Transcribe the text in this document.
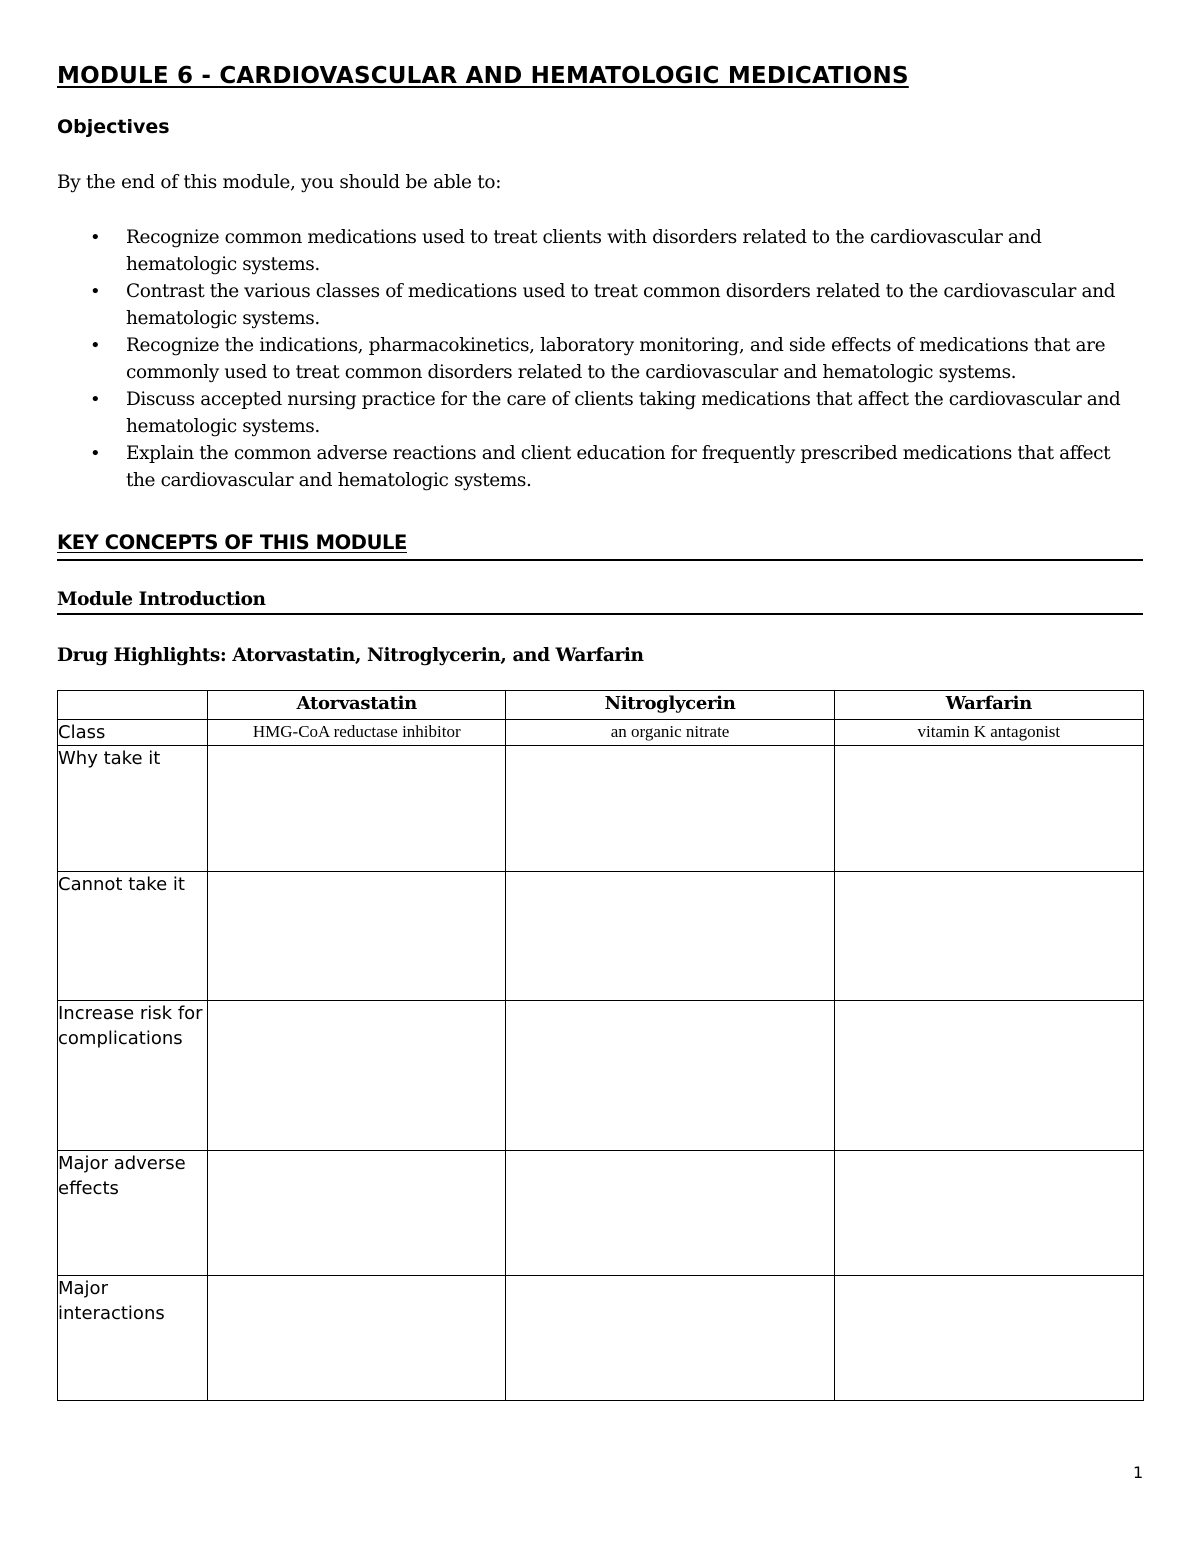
MODULE 6 - CARDIOVASCULAR AND HEMATOLOGIC MEDICATIONS
Objectives

By the end of this module, you should be able to:

• Recognize common medications used to treat clients with disorders related to the cardiovascular and hematologic systems.
• Contrast the various classes of medications used to treat common disorders related to the cardiovascular and hematologic systems.
• Recognize the indications, pharmacokinetics, laboratory monitoring, and side effects of medications that are commonly used to treat common disorders related to the cardiovascular and hematologic systems.
• Discuss accepted nursing practice for the care of clients taking medications that affect the cardiovascular and hematologic systems.
• Explain the common adverse reactions and client education for frequently prescribed medications that affect the cardiovascular and hematologic systems.
KEY CONCEPTS OF THIS MODULE
Module Introduction
Drug Highlights: Atorvastatin, Nitroglycerin, and Warfarin
	Atorvastatin	Nitroglycerin	Warfarin
Class	HMG-CoA reductase inhibitor	an organic nitrate	vitamin K antagonist
Why take it			
Cannot take it			
Increase risk for complications			
Major adverse effects			
Major interactions			
1
